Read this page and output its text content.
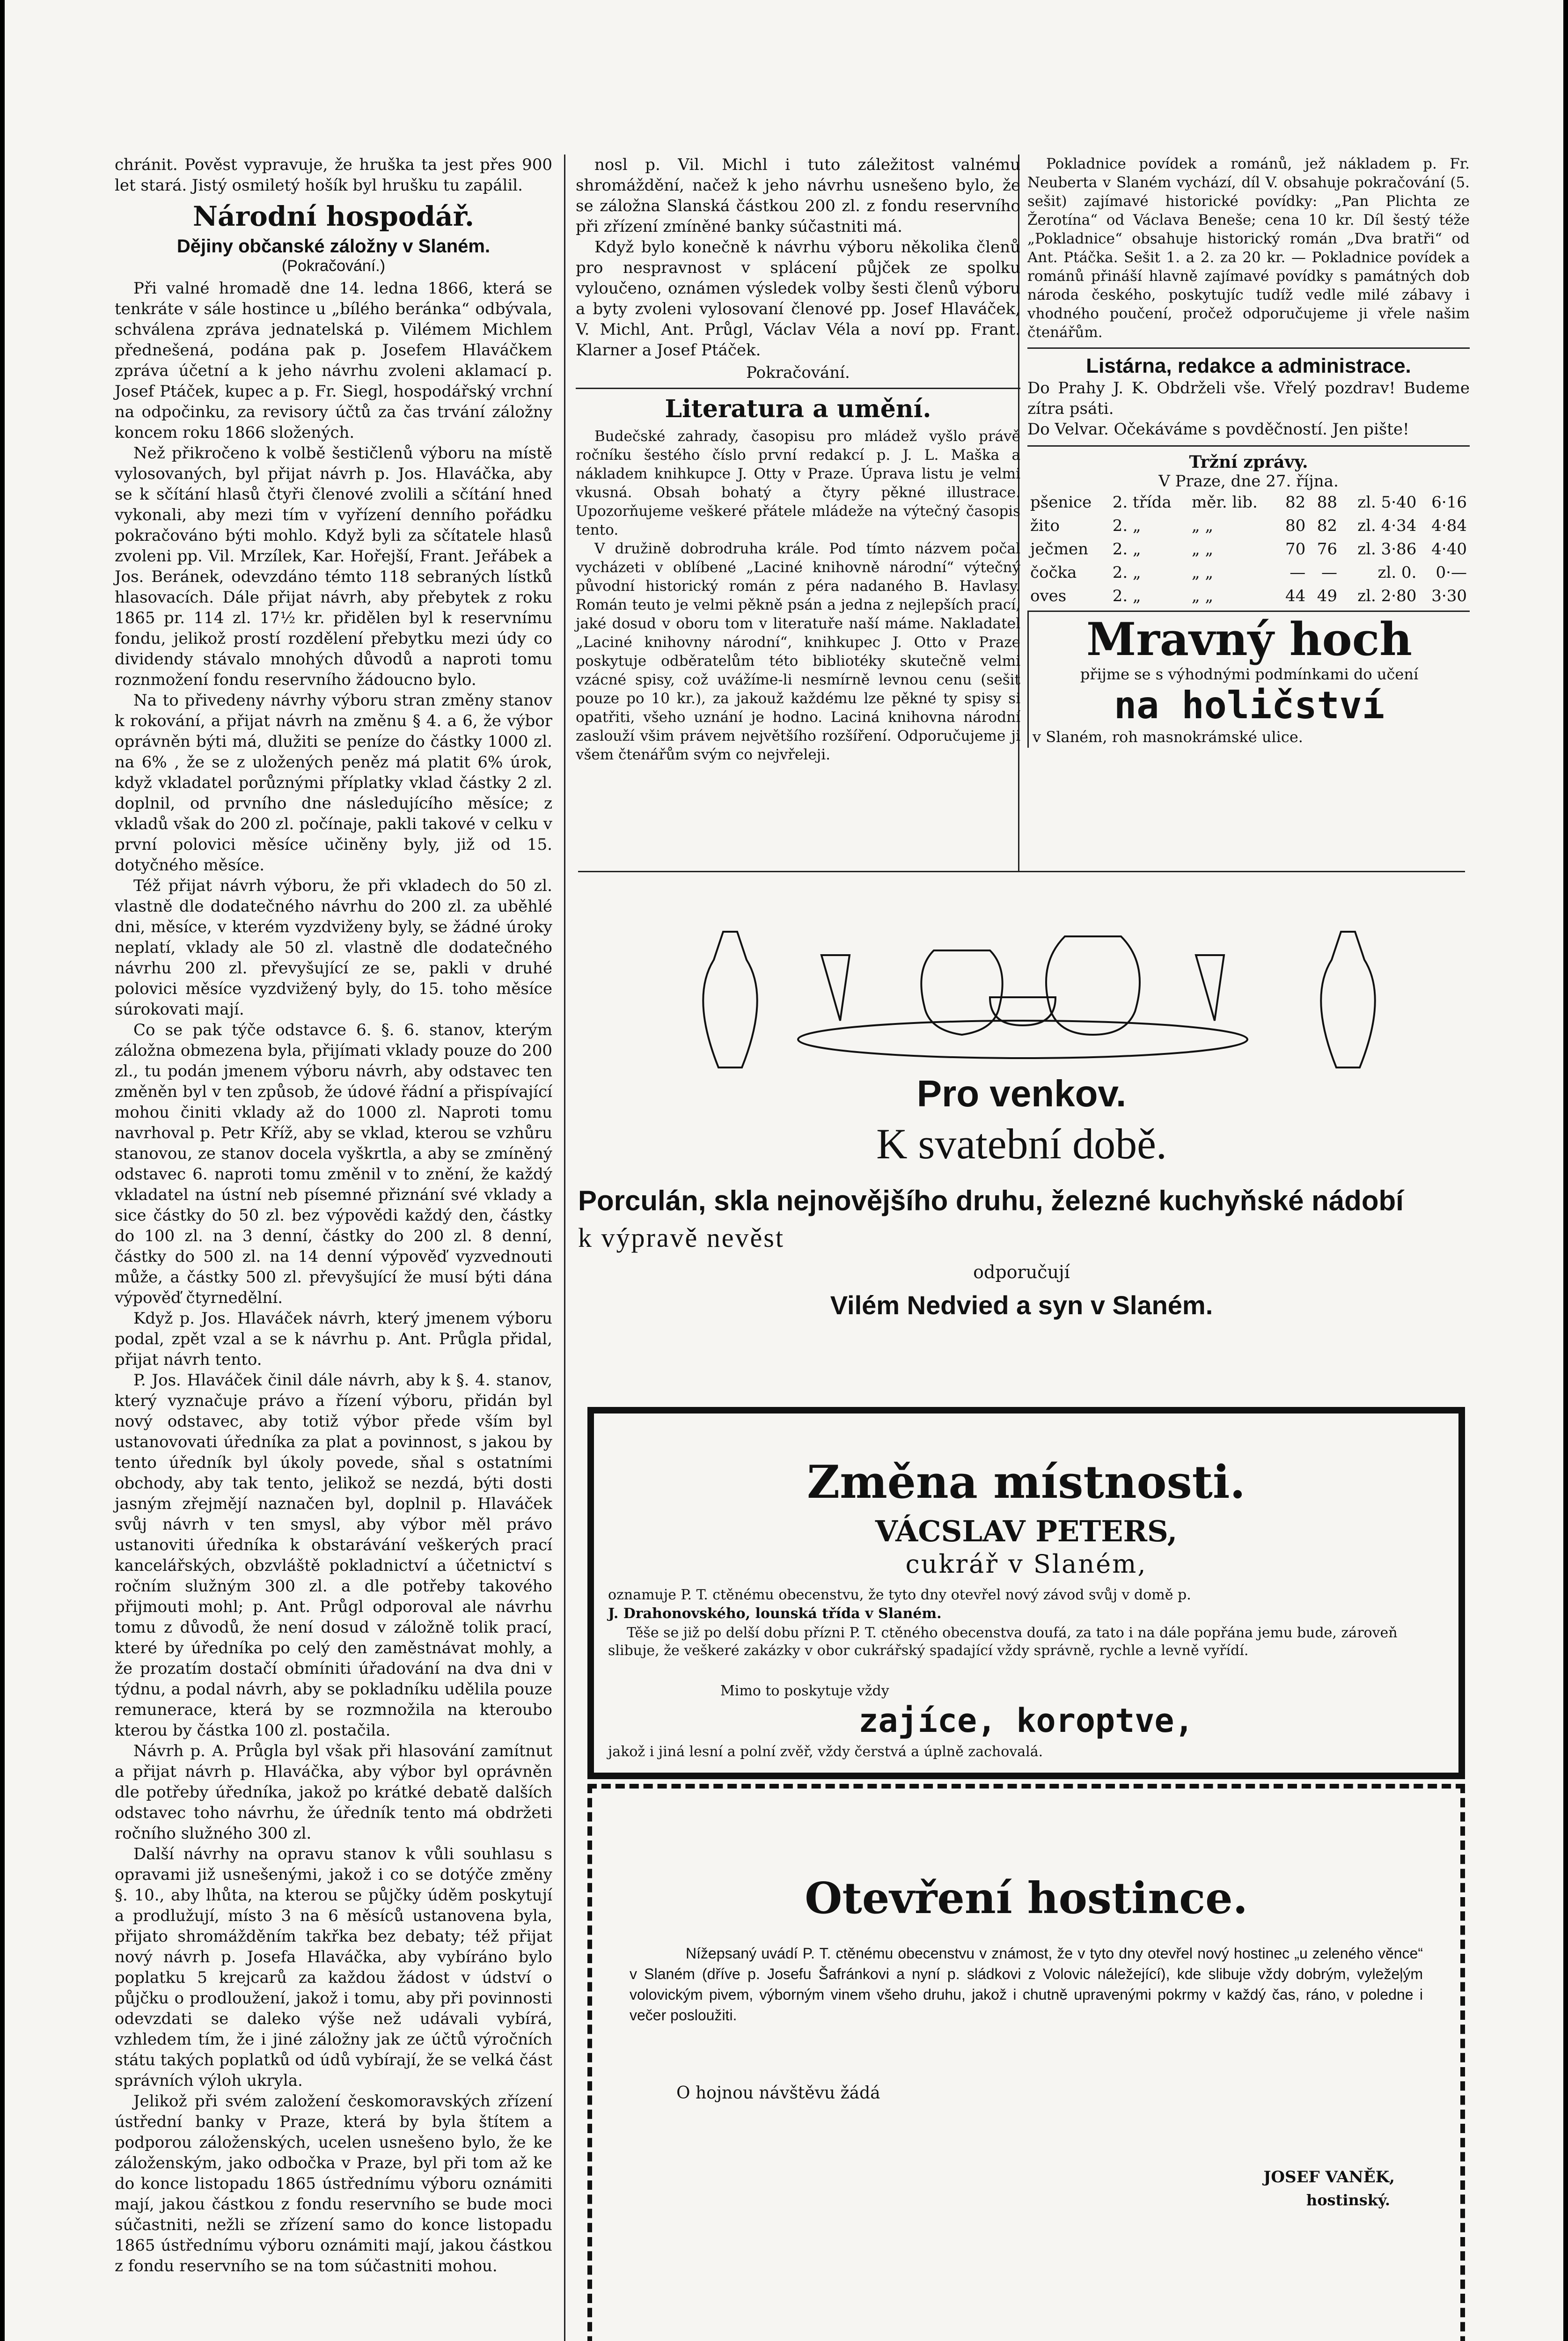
chránit. Pověst vypravuje, že hruška ta jest přes 900 let stará. Jistý osmiletý hošík byl hrušku tu zapálil.

Národní hospodář.
Dějiny občanské záložny v Slaném.
(Pokračování.)

Při valné hromadě dne 14. ledna 1866, která se tenkráte v sále hostince u „bílého beránka“ odbývala, schválena zpráva jednatelská p. Vilémem Michlem přednešená, podána pak p. Josefem Hlaváčkem zpráva účetní a k jeho návrhu zvoleni aklamací p. Josef Ptáček, kupec a p. Fr. Siegl, hospodářský vrchní na odpočinku, za revisory účtů za čas trvání záložny koncem roku 1866 složených.

Než přikročeno k volbě šestičlenů výboru na místě vylosovaných, byl přijat návrh p. Jos. Hlaváčka, aby se k sčítání hlasů čtyři členové zvolili a sčítání hned vykonali, aby mezi tím v vyřízení denního pořádku pokračováno býti mohlo. Když byli za sčítatele hlasů zvoleni pp. Vil. Mrzílek, Kar. Hořejší, Frant. Jeřábek a Jos. Beránek, odevzdáno témto 118 sebraných lístků hlasovacích. Dále přijat návrh, aby přebytek z roku 1865 pr. 114 zl. 17½ kr. přidělen byl k reservnímu fondu, jelikož prostí rozdělení přebytku mezi údy co dividendy stávalo mnohých důvodů a naproti tomu roznmožení fondu reservního žádoucno bylo.

Na to přivedeny návrhy výboru stran změny stanov k rokování, a přijat návrh na změnu § 4. a 6, že výbor oprávněn býti má, dlužiti se peníze do částky 1000 zl. na 6% , že se z uložených peněz má platit 6% úrok, když vkladatel porůznými příplatky vklad částky 2 zl. doplnil, od prvního dne následujícího měsíce; z vkladů však do 200 zl. počínaje, pakli takové v celku v první polovici měsíce učiněny byly, již od 15. dotyčného měsíce.

Též přijat návrh výboru, že při vkladech do 50 zl. vlastně dle dodatečného návrhu do 200 zl. za uběhlé dni, měsíce, v kterém vyzdviženy byly, se žádné úroky neplatí, vklady ale 50 zl. vlastně dle dodatečného návrhu 200 zl. převyšující ze se, pakli v druhé polovici měsíce vyzdvižený byly, do 15. toho měsíce súrokovati mají.

Co se pak týče odstavce 6. §. 6. stanov, kterým záložna obmezena byla, přijímati vklady pouze do 200 zl., tu podán jmenem výboru návrh, aby odstavec ten změněn byl v ten způsob, že údové řádní a přispívající mohou činiti vklady až do 1000 zl. Naproti tomu navrhoval p. Petr Kříž, aby se vklad, kterou se vzhůru stanovou, ze stanov docela vyškrtla, a aby se zmíněný odstavec 6. naproti tomu změnil v to znění, že každý vkladatel na ústní neb písemné přiznání své vklady a sice částky do 50 zl. bez výpovědi každý den, částky do 100 zl. na 3 denní, částky do 200 zl. 8 denní, částky do 500 zl. na 14 denní výpověď vyzvednouti může, a částky 500 zl. převyšující že musí býti dána výpověď čtyrnedělní.

Když p. Jos. Hlaváček návrh, který jmenem výboru podal, zpět vzal a se k návrhu p. Ant. Průgla přidal, přijat návrh tento.

P. Jos. Hlaváček činil dále návrh, aby k §. 4. stanov, který vyznačuje právo a řízení výboru, přidán byl nový odstavec, aby totiž výbor přede vším byl ustanovovati úředníka za plat a povinnost, s jakou by tento úředník byl úkoly povede, sňal s ostatními obchody, aby tak tento, jelikož se nezdá, býti dosti jasným zřejmějí naznačen byl, doplnil p. Hlaváček svůj návrh v ten smysl, aby výbor měl právo ustanoviti úředníka k obstarávání veškerých prací kancelářských, obzvláště pokladnictví a účetnictví s ročním služným 300 zl. a dle potřeby takového přijmouti mohl; p. Ant. Průgl odporoval ale návrhu tomu z důvodů, že není dosud v záložně tolik prací, které by úředníka po celý den zaměstnávat mohly, a že prozatím dostačí obmíniti úřadování na dva dni v týdnu, a podal návrh, aby se pokladníku udělila pouze remunerace, která by se rozmnožila na kteroubo kterou by částka 100 zl. postačila.

Návrh p. A. Průgla byl však při hlasování zamítnut a přijat návrh p. Hlaváčka, aby výbor byl oprávněn dle potřeby úředníka, jakož po krátké debatě dalších odstavec toho návrhu, že úředník tento má obdržeti ročního služného 300 zl.

Další návrhy na opravu stanov k vůli souhlasu s opravami již usnešenými, jakož i co se dotýče změny §. 10., aby lhůta, na kterou se půjčky úděm poskytují a prodlužují, místo 3 na 6 měsíců ustanovena byla, přijato shromážděním takřka bez debaty; též přijat nový návrh p. Josefa Hlaváčka, aby vybíráno bylo poplatku 5 krejcarů za každou žádost v údství o půjčku o prodloužení, jakož i tomu, aby při povinnosti odevzdati se daleko výše než udávali vybírá, vzhledem tím, že i jiné záložny jak ze účtů výročních státu takých poplatků od údů vybírají, že se velká část správních výloh ukryla.

Jelikož při svém založení českomoravských zřízení ústřední banky v Praze, která by byla štítem a podporou záloženských, ucelen usnešeno bylo, že ke záloženským, jako odbočka v Praze, byl při tom až ke do konce listopadu 1865 ústřednímu výboru oznámiti mají, jakou částkou z fondu reservního se bude moci súčastniti, nežli se zřízení samo do konce listopadu 1865 ústřednímu výboru oznámiti mají, jakou částkou z fondu reservního se na tom súčastniti mohou.

nosl p. Vil. Michl i tuto záležitost valnému shromáždění, načež k jeho návrhu usnešeno bylo, že se záložna Slanská částkou 200 zl. z fondu reservního při zřízení zmíněné banky súčastniti má.

Když bylo konečně k návrhu výboru několika členů pro nespravnost v splácení půjček ze spolku vyloučeno, oznámen výsledek volby šesti členů výboru a byty zvoleni vylosovaní členové pp. Josef Hlaváček, V. Michl, Ant. Průgl, Václav Véla a noví pp. Frant. Klarner a Josef Ptáček.

Pokračování.
Literatura a umění.

Budečské zahrady, časopisu pro mládež vyšlo právě ročníku šestého číslo první redakcí p. J. L. Maška a nákladem knihkupce J. Otty v Praze. Úprava listu je velmi vkusná. Obsah bohatý a čtyry pěkné illustrace. Upozorňujeme veškeré přátele mládeže na výtečný časopis tento.

V družině dobrodruha krále. Pod tímto názvem počal vycházeti v oblíbené „Laciné knihovně národní“ výtečný původní historický román z péra nadaného B. Havlasy. Román teuto je velmi pěkně psán a jedna z nejlepších prací, jaké dosud v oboru tom v literatuře naší máme. Nakladatel „Laciné knihovny národní“, knihkupec J. Otto v Praze poskytuje odběratelům této bibliotéky skutečně velmi vzácné spisy, což uvážíme-li nesmírně levnou cenu (sešit pouze po 10 kr.), za jakouž každému lze pěkné ty spisy si opatřiti, všeho uznání je hodno. Laciná knihovna národní zaslouží všim právem největšího rozšíření. Odporučujeme ji všem čtenářům svým co nejvřeleji.

Pokladnice povídek a románů, jež nákladem p. Fr. Neuberta v Slaném vychází, díl V. obsahuje pokračování (5. sešit) zajímavé historické povídky: „Pan Plichta ze Žerotína“ od Václava Beneše; cena 10 kr. Díl šestý téže „Pokladnice“ obsahuje historický román „Dva bratři“ od Ant. Ptáčka. Sešit 1. a 2. za 20 kr. — Pokladnice povídek a románů přináší hlavně zajímavé povídky s památných dob národa českého, poskytujíc tudíž vedle milé zábavy i vhodného poučení, pročež odporučujeme ji vřele našim čtenářům.

Listárna, redakce a administrace.

Do Prahy J. K. Obdrželi vše. Vřelý pozdrav! Budeme zítra psáti.

Do Velvar. Očekáváme s povděčností. Jen pište!

Tržní zprávy.
V Praze, dne 27. října.
pšenice	2. třída	měr. lib.	82	88	zl. 5·40	6·16
žito	2. „	„ „	80	82	zl. 4·34	4·84
ječmen	2. „	„ „	70	76	zl. 3·86	4·40
čočka	2. „	„ „	—	—	zl. 0.	0·—
oves	2. „	„ „	44	49	zl. 2·80	3·30
Mravný hoch
přijme se s výhodnými podmínkami do učení
na holičství
v Slaném, roh masnokrámské ulice.
Pro venkov.
K svatební době.
Porculán, skla nejnovějšího druhu, železné kuchyňské nádobí
k výpravě nevěst
odporučují
Vilém Nedvied a syn v Slaném.
Změna místnosti.
VÁCSLAV PETERS,
cukrář v Slaném,
oznamuje P. T. ctěnému obecenstvu, že tyto dny otevřel nový závod svůj v domě p.
J. Drahonovského, lounská třída v Slaném.
Těše se již po delší dobu přízni P. T. ctěného obecenstva doufá, za tato i na dále popřána jemu bude, zároveň slibuje, že veškeré zakázky v obor cukrářský spadající vždy správně, rychle a levně vyřídí.
Mimo to poskytuje vždy
zajíce, koroptve,
jakož i jiná lesní a polní zvěř, vždy čerstvá a úplně zachovalá.
Otevření hostince.
Nížepsaný uvádí P. T. ctěnému obecenstvu v známost, že v tyto dny otevřel nový hostinec „u zeleného věnce“ v Slaném (dříve p. Josefu Šafránkovi a nyní p. sládkovi z Volovic náležející), kde slibuje vždy dobrým, vyležeļým volovickým pivem, výborným vinem všeho druhu, jakož i chutně upravenými pokrmy v každý čas, ráno, v poledne i večer posloužiti.
O hojnou návštěvu žádá
JOSEF VANĚK,
hostinský.
